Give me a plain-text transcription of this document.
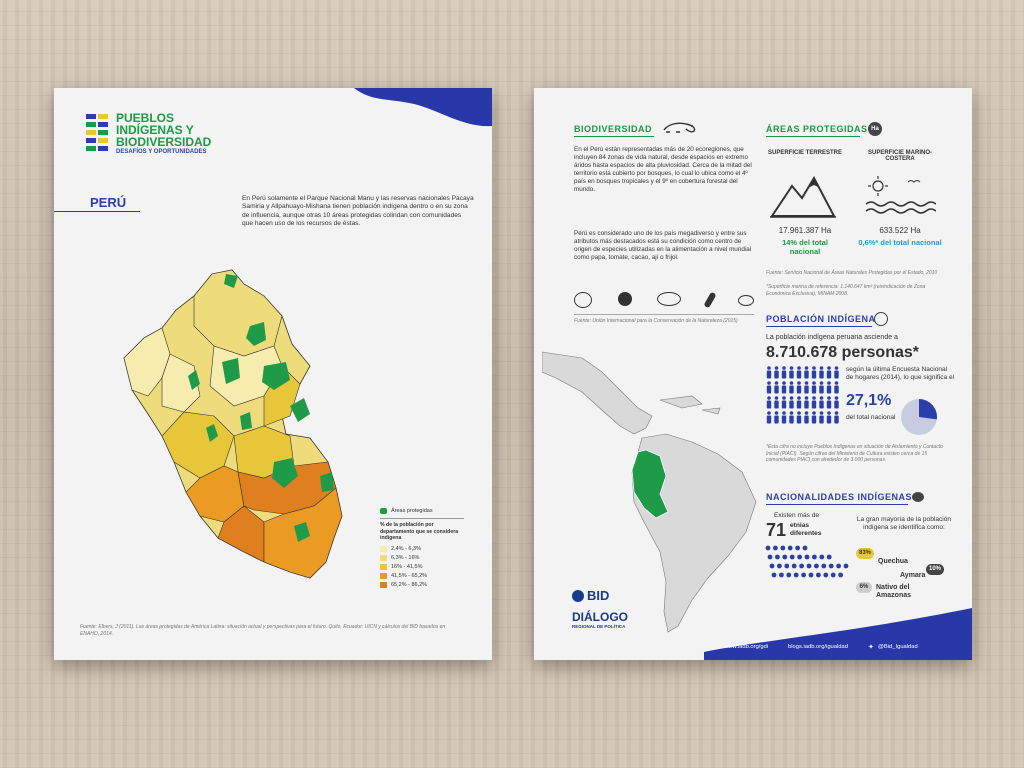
PUEBLOS
INDÍGENAS Y
BIODIVERSIDAD
DESAFÍOS Y OPORTUNIDADES
PERÚ	En Perú solamente el Parque Nacional Manu y las reservas nacionales Pacaya Samiria y Allpahuayo-Mishana tienen población indígena dentro o en su zona de influencia, aunque otras 10 áreas protegidas colindan con comunidades que hacen uso de los recursos de éstas.
Áreas protegidas
% de la población por departamento que se considera indígena
2,4% - 6,3%
6,3% - 16%
16% - 41,5%
41,5% - 65,2%
65,2% - 86,2%
Fuente: Elbers, J (2011). Las áreas protegidas de América Latina: situación actual y perspectivas para el futuro. Quito, Ecuador: UICN y cálculos del BID basados en ENAHO, 2014.
BIODIVERSIDAD
En el Perú están representadas más de 20 ecoregiones, que incluyen 84 zonas de vida natural, desde espacios en extremo áridos hasta espacios de alta pluviosidad. Cerca de la mitad del territorio está cubierto por bosques, lo cual lo ubica como el 4º país en bosques tropicales y el 9º en cobertura forestal del mundo.
Perú es considerado uno de los país megadiverso y entre sus atributos más destacados está su condición como centro de origen de especies utilizadas en la alimentación a nivel mundial como papa, tomate, cacao, ají o frijol.
Fuente: Unión Internacional para la Conservación de la Naturaleza (2015)
ÁREAS PROTEGIDAS Ha
SUPERFICIE TERRESTRE
17.961.387 Ha
14% del total nacional
SUPERFICIE MARINO-COSTERA
633.522 Ha
0,6%* del total nacional
Fuente: Servicio Nacional de Áreas Naturales Protegidas por el Estado, 2010
*Superficie marina de referencia: 1.140.647 km² (reivindicación de Zona Económica Exclusiva), MINAM 2008.
POBLACIÓN INDÍGENA
La población indígena peruana asciende a
8.710.678 personas*
según la última Encuesta Nacional de hogares (2014), lo que significa el
27,1%
del total nacional
*Esta cifra no incluye Pueblos Indígenas en situación de Aislamiento y Contacto Inicial (PIACI). Según cifras del Ministerio de Cultura existen cerca de 15 comunidades PIACI con alrededor de 3.000 personas.
NACIONALIDADES INDÍGENAS
Existen más de
71 etnias diferentes
La gran mayoría de la población indígena se identifica como:
83%
Quechua
10%
Aymara
6%	Nativo del Amazonas
BID
DIÁLOGO
REGIONAL DE POLÍTICA
www.iadb.org/gdi	blogs.iadb.org/igualdad	✦ @Bid_Igualdad
